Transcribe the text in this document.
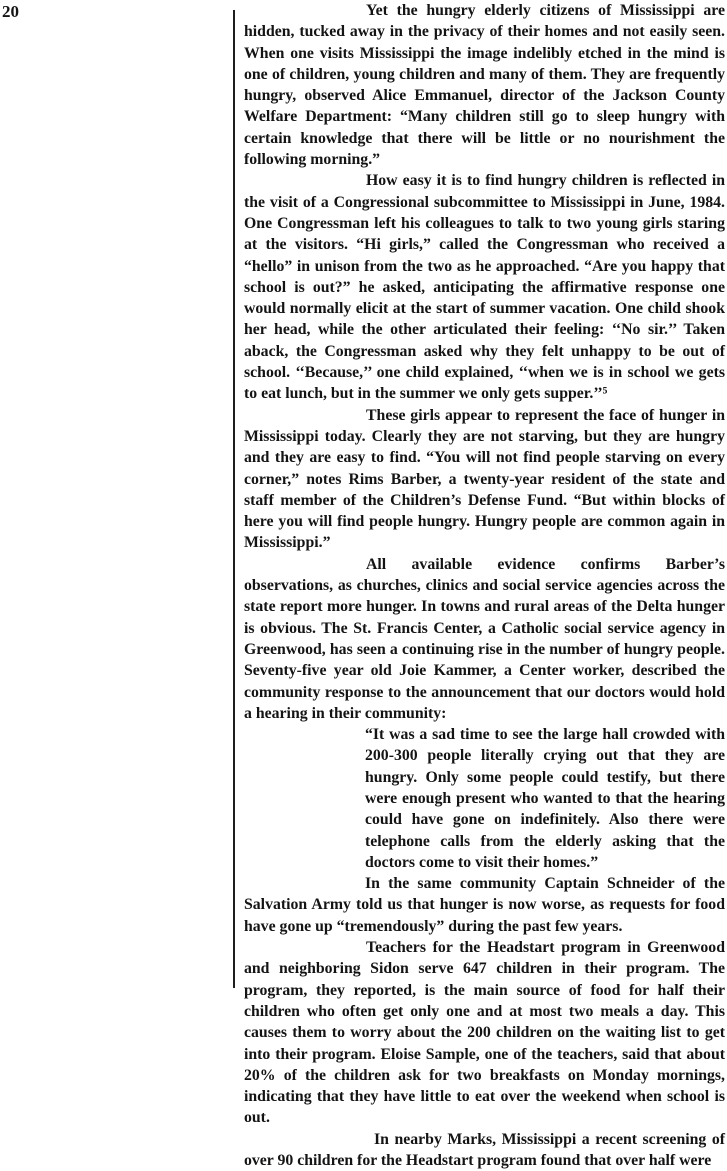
20	Yet the hungry elderly citizens of Mississippi are hidden, tucked away in the privacy of their homes and not easily seen. When one visits Mississippi the image indelibly etched in the mind is one of children, young children and many of them. They are frequently hungry, observed Alice Emmanuel, director of the Jackson County Welfare Department: “Many children still go to sleep hungry with certain knowledge that there will be little or no nourishment the following morning.”

How easy it is to find hungry children is reflected in the visit of a Congressional subcommittee to Mississippi in June, 1984. One Congressman left his colleagues to talk to two young girls staring at the visitors. “Hi girls,” called the Congressman who received a “hello” in unison from the two as he approached. “Are you happy that school is out?” he asked, anticipating the affirmative response one would normally elicit at the start of summer vacation. One child shook her head, while the other articulated their feeling: ‘‘No sir.’’ Taken aback, the Congressman asked why they felt unhappy to be out of school. ‘‘Because,’’ one child explained, ‘‘when we is in school we gets to eat lunch, but in the summer we only gets supper.’’⁵

These girls appear to represent the face of hunger in Mississippi today. Clearly they are not starving, but they are hungry and they are easy to find. “You will not find people starving on every corner,” notes Rims Barber, a twenty-year resident of the state and staff member of the Children’s Defense Fund. “But within blocks of here you will find people hungry. Hungry people are common again in Mississippi.”

All available evidence confirms Barber’s observations, as churches, clinics and social service agencies across the state report more hunger. In towns and rural areas of the Delta hunger is obvious. The St. Francis Center, a Catholic social service agency in Greenwood, has seen a continuing rise in the number of hungry people. Seventy-five year old Joie Kammer, a Center worker, described the community response to the announcement that our doctors would hold a hearing in their community:

“It was a sad time to see the large hall crowded with 200-300 people literally crying out that they are hungry. Only some people could testify, but there were enough present who wanted to that the hearing could have gone on indefinitely. Also there were telephone calls from the elderly asking that the doctors come to visit their homes.”

In the same community Captain Schneider of the Salvation Army told us that hunger is now worse, as requests for food have gone up “tremendously” during the past few years.

Teachers for the Headstart program in Greenwood and neighboring Sidon serve 647 children in their program. The program, they reported, is the main source of food for half their children who often get only one and at most two meals a day. This causes them to worry about the 200 children on the waiting list to get into their program. Eloise Sample, one of the teachers, said that about 20% of the children ask for two breakfasts on Monday mornings, indicating that they have little to eat over the weekend when school is out.

In nearby Marks, Mississippi a recent screening of over 90 children for the Headstart program found that over half were
